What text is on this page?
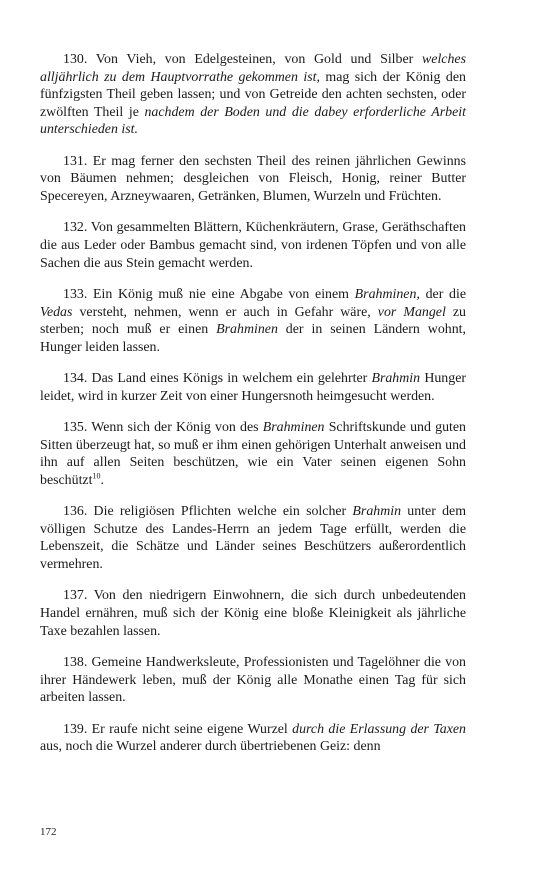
130. Von Vieh, von Edelgesteinen, von Gold und Silber welches alljährlich zu dem Hauptvorrathe gekommen ist, mag sich der König den fünfzigsten Theil geben lassen; und von Getreide den achten sechsten, oder zwölften Theil je nachdem der Boden und die dabey erforderliche Arbeit unterschieden ist.

131. Er mag ferner den sechsten Theil des reinen jährlichen Gewinns von Bäumen nehmen; desgleichen von Fleisch, Honig, reiner Butter Specereyen, Arzneywaaren, Getränken, Blumen, Wurzeln und Früchten.

132. Von gesammelten Blättern, Küchenkräutern, Grase, Geräthschaften die aus Leder oder Bambus gemacht sind, von irdenen Töpfen und von alle Sachen die aus Stein gemacht werden.

133. Ein König muß nie eine Abgabe von einem Brahminen, der die Vedas versteht, nehmen, wenn er auch in Gefahr wäre, vor Mangel zu sterben; noch muß er einen Brahminen der in seinen Ländern wohnt, Hunger leiden lassen.

134. Das Land eines Königs in welchem ein gelehrter Brahmin Hunger leidet, wird in kurzer Zeit von einer Hungersnoth heimgesucht werden.

135. Wenn sich der König von des Brahminen Schriftskunde und guten Sitten überzeugt hat, so muß er ihm einen gehörigen Unterhalt anweisen und ihn auf allen Seiten beschützen, wie ein Vater seinen eigenen Sohn beschützt$^{10}$.

136. Die religiösen Pflichten welche ein solcher Brahmin unter dem völligen Schutze des Landes-Herrn an jedem Tage erfüllt, werden die Lebenszeit, die Schätze und Länder seines Beschützers außerordentlich vermehren.

137. Von den niedrigern Einwohnern, die sich durch unbedeutenden Handel ernähren, muß sich der König eine bloße Kleinigkeit als jährliche Taxe bezahlen lassen.

138. Gemeine Handwerksleute, Professionisten und Tagelöhner die von ihrer Händewerk leben, muß der König alle Monathe einen Tag für sich arbeiten lassen.

139. Er raufe nicht seine eigene Wurzel durch die Erlassung der Taxen aus, noch die Wurzel anderer durch übertriebenen Geiz: denn

172
